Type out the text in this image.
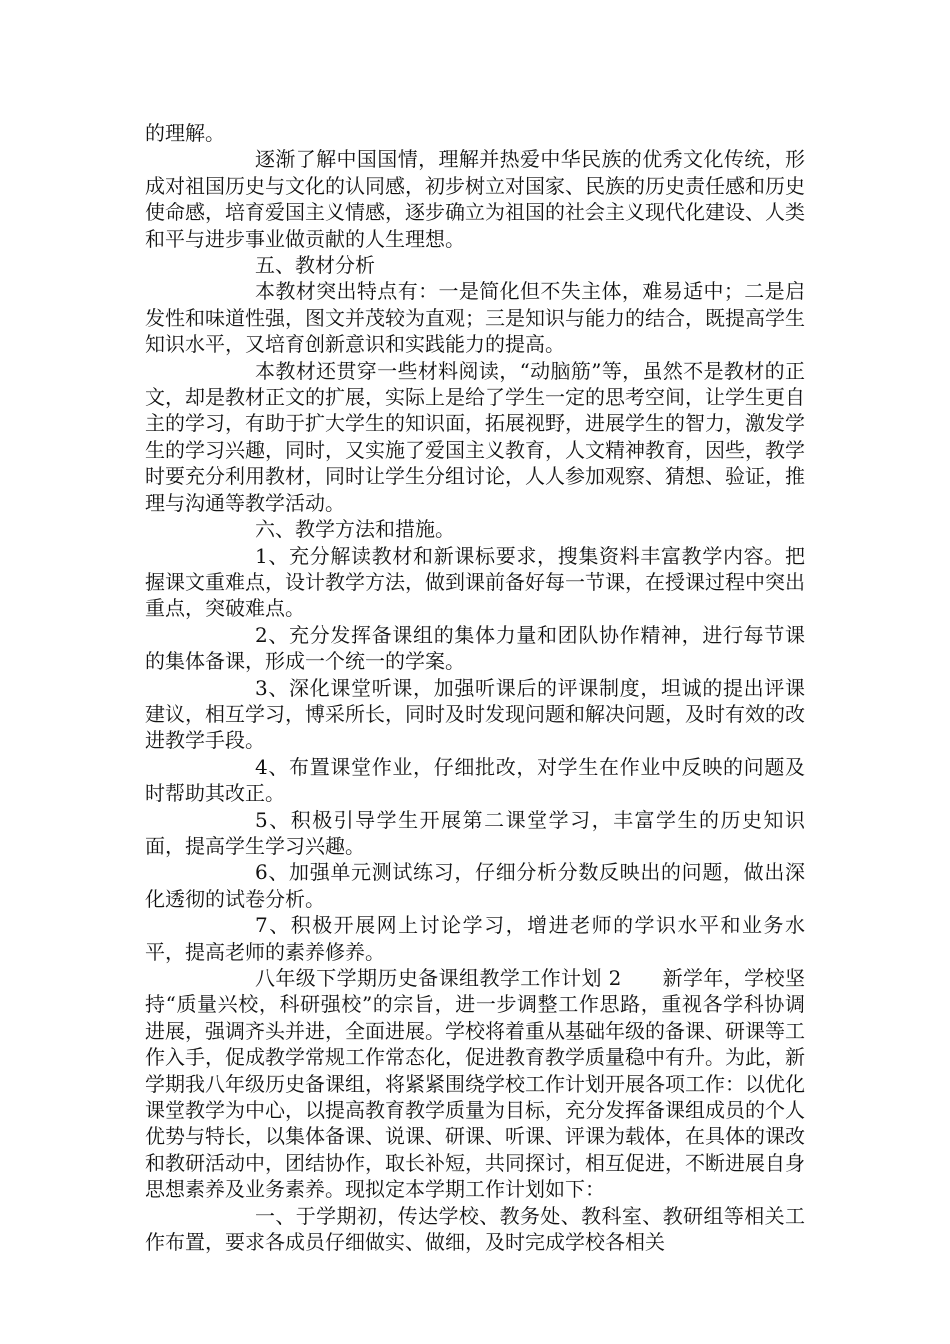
的理解。

逐渐了解中国国情，理解并热爱中华民族的优秀文化传统，形成对祖国历史与文化的认同感，初步树立对国家、民族的历史责任感和历史使命感，培育爱国主义情感，逐步确立为祖国的社会主义现代化建设、人类和平与进步事业做贡献的人生理想。

五、教材分析

本教材突出特点有：一是简化但不失主体，难易适中；二是启发性和味道性强，图文并茂较为直观；三是知识与能力的结合，既提高学生知识水平，又培育创新意识和实践能力的提高。

本教材还贯穿一些材料阅读，“动脑筋”等，虽然不是教材的正文，却是教材正文的扩展，实际上是给了学生一定的思考空间，让学生更自主的学习，有助于扩大学生的知识面，拓展视野，进展学生的智力，激发学生的学习兴趣，同时，又实施了爱国主义教育，人文精神教育，因些，教学时要充分利用教材，同时让学生分组讨论，人人参加观察、猜想、验证，推理与沟通等教学活动。

六、教学方法和措施。

1、充分解读教材和新课标要求，搜集资料丰富教学内容。把握课文重难点，设计教学方法，做到课前备好每一节课，在授课过程中突出重点，突破难点。

2、充分发挥备课组的集体力量和团队协作精神，进行每节课的集体备课，形成一个统一的学案。

3、深化课堂听课，加强听课后的评课制度，坦诚的提出评课建议，相互学习，博采所长，同时及时发现问题和解决问题，及时有效的改进教学手段。

4、布置课堂作业，仔细批改，对学生在作业中反映的问题及时帮助其改正。

5、积极引导学生开展第二课堂学习，丰富学生的历史知识面，提高学生学习兴趣。

6、加强单元测试练习，仔细分析分数反映出的问题，做出深化透彻的试卷分析。

7、积极开展网上讨论学习，增进老师的学识水平和业务水平，提高老师的素养修养。

八年级下学期历史备课组教学工作计划 2　　新学年，学校坚持“质量兴校，科研强校”的宗旨，进一步调整工作思路，重视各学科协调进展，强调齐头并进，全面进展。学校将着重从基础年级的备课、研课等工作入手，促成教学常规工作常态化，促进教育教学质量稳中有升。为此，新学期我八年级历史备课组，将紧紧围绕学校工作计划开展各项工作：以优化课堂教学为中心，以提高教育教学质量为目标，充分发挥备课组成员的个人优势与特长，以集体备课、说课、研课、听课、评课为载体，在具体的课改和教研活动中，团结协作，取长补短，共同探讨，相互促进，不断进展自身思想素养及业务素养。现拟定本学期工作计划如下：

一、于学期初，传达学校、教务处、教科室、教研组等相关工作布置，要求各成员仔细做实、做细，及时完成学校各相关
